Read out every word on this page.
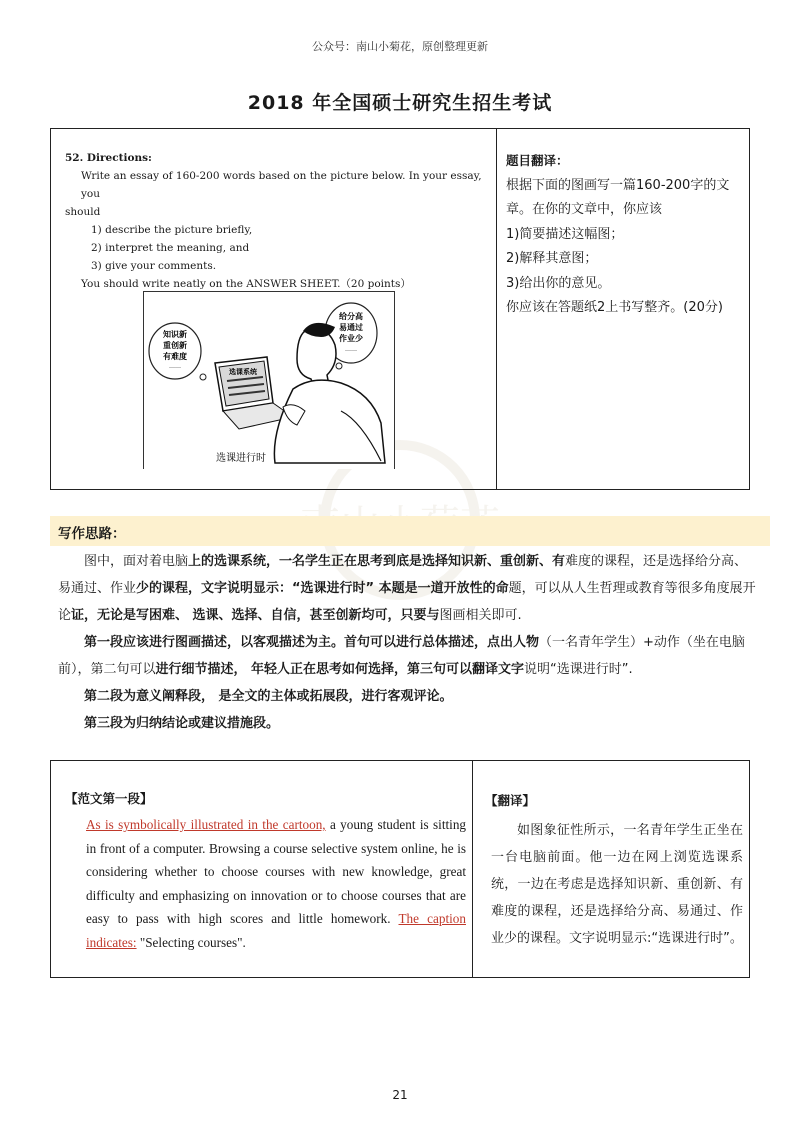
公众号：南山小菊花，原创整理更新
2018 年全国硕士研究生招生考试
52. Directions:
Write an essay of 160-200 words based on the picture below. In your essay, you
should
1) describe the picture briefly,
2) interpret the meaning, and
3) give your comments.
You should write neatly on the ANSWER SHEET.（20 points）
知识新
重创新
有难度
……
给分高
易通过
作业少
……
选课系统
选课进行时
题目翻译：
根据下面的图画写一篇160-200字的文章。在你的文章中，你应该
1)简要描述这幅图；
2)解释其意图；
3)给出你的意见。
你应该在答题纸2上书写整齐。(20分)
写作思路：

图中，面对着电脑上的选课系统，一名学生正在思考到底是选择知识新、重创新、有难度的课程，还是选择给分高、易通过、作业少的课程，文字说明显示：“选课进行时” 本题是一道开放性的命题，可以从人生哲理或教育等很多角度展开论证，无论是写困难、 选课、选择、自信，甚至创新均可，只要与图画相关即可.

第一段应该进行图画描述，以客观描述为主。首句可以进行总体描述，点出人物（一名青年学生）+动作（坐在电脑前），第二句可以进行细节描述， 年轻人正在思考如何选择，第三句可以翻译文字说明“选课进行时”.

第二段为意义阐释段， 是全文的主体或拓展段，进行客观评论。

第三段为归纳结论或建议措施段。

【范文第一段】
As is symbolically illustrated in the cartoon, a young student is sitting in front of a computer. Browsing a course selective system online, he is considering whether to choose courses with new knowledge, great difficulty and emphasizing on innovation or to choose courses that are easy to pass with high scores and little homework. The caption indicates: "Selecting courses".
【翻译】
如图象征性所示，一名青年学生正坐在一台电脑前面。他一边在网上浏览选课系统，一边在考虑是选择知识新、重创新、有难度的课程，还是选择给分高、易通过、作业少的课程。文字说明显示:“选课进行时”。
21
